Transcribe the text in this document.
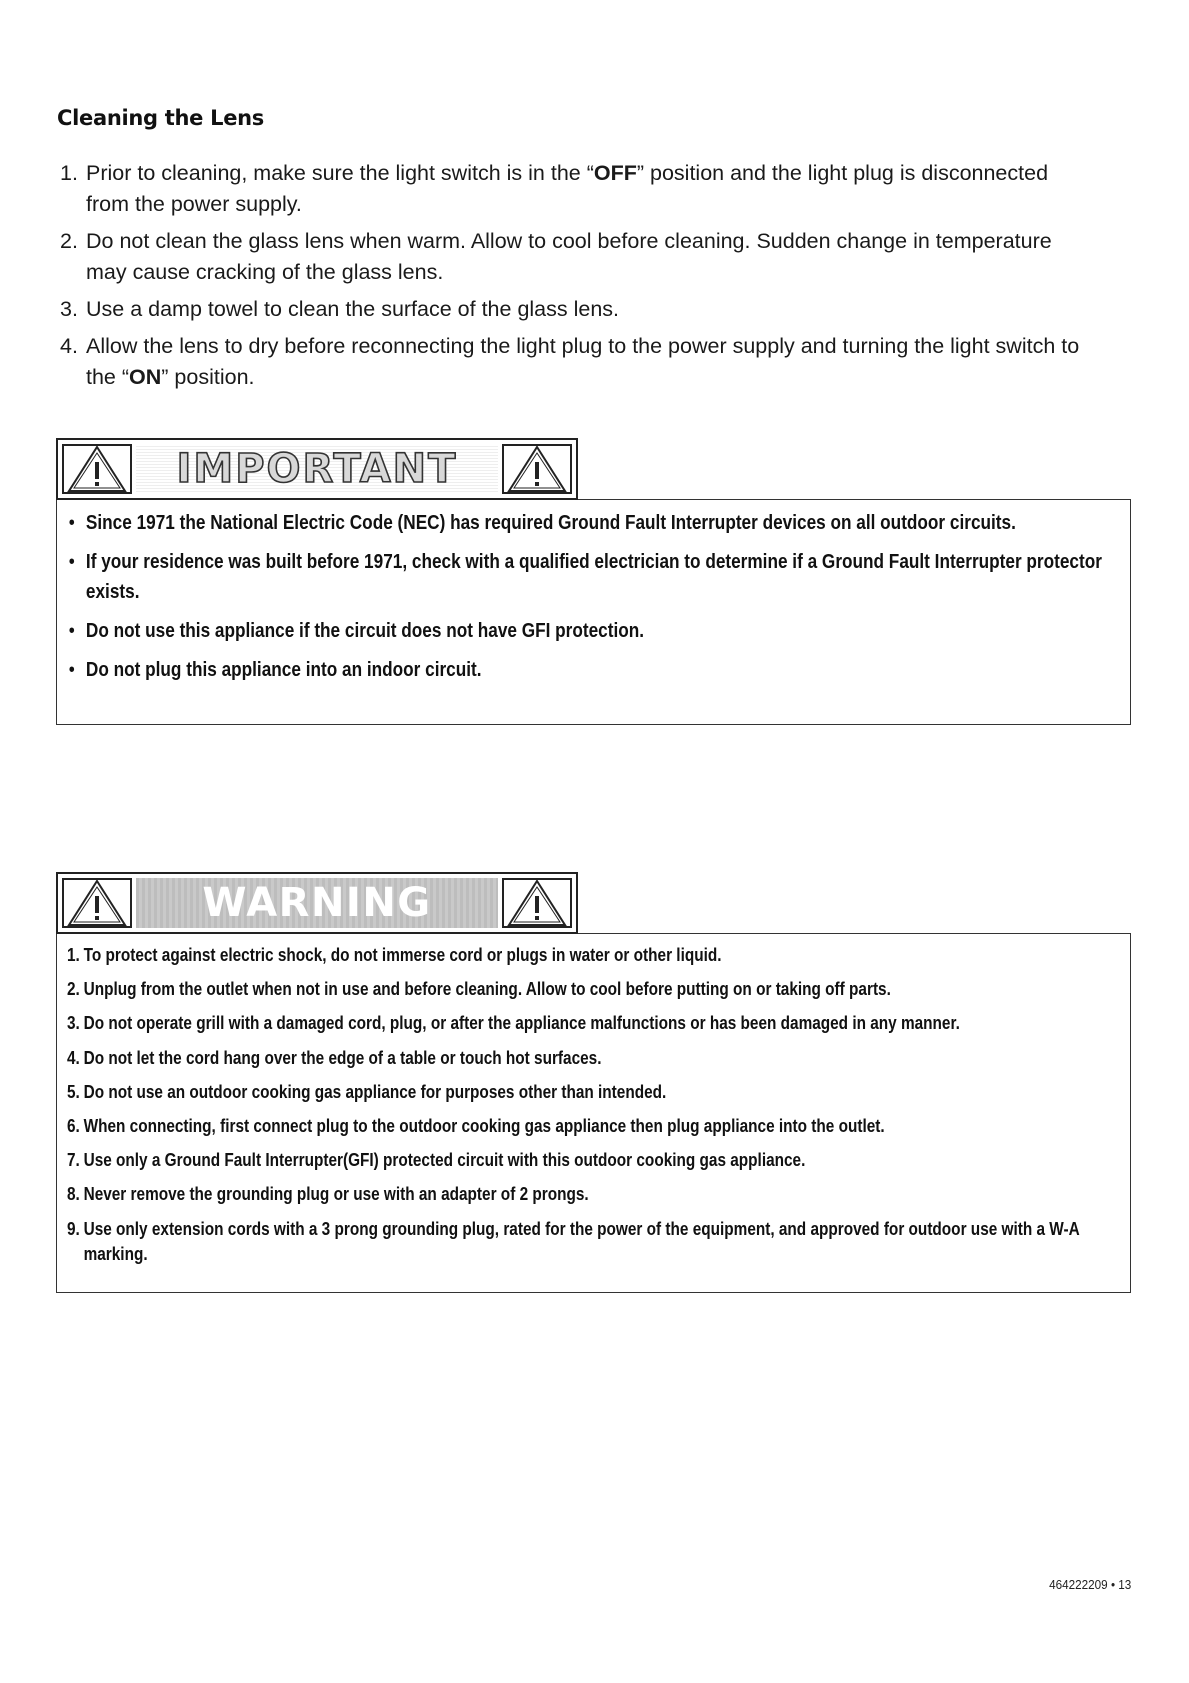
Cleaning the Lens
1. Prior to cleaning, make sure the light switch is in the “OFF” position and the light plug is disconnected from the power supply.
2. Do not clean the glass lens when warm. Allow to cool before cleaning. Sudden change in temperature may cause cracking of the glass lens.
3. Use a damp towel to clean the surface of the glass lens.
4. Allow the lens to dry before reconnecting the light plug to the power supply and turning the light switch to the “ON” position.
IMPORTANT
• Since 1971 the National Electric Code (NEC) has required Ground Fault Interrupter devices on all outdoor circuits.
• If your residence was built before 1971, check with a qualified electrician to determine if a Ground Fault Interrupter protector exists.
• Do not use this appliance if the circuit does not have GFI protection.
• Do not plug this appliance into an indoor circuit.
WARNING
1. To protect against electric shock, do not immerse cord or plugs in water or other liquid.
2. Unplug from the outlet when not in use and before cleaning. Allow to cool before putting on or taking off parts.
3. Do not operate grill with a damaged cord, plug, or after the appliance malfunctions or has been damaged in any manner.
4. Do not let the cord hang over the edge of a table or touch hot surfaces.
5. Do not use an outdoor cooking gas appliance for purposes other than intended.
6. When connecting, first connect plug to the outdoor cooking gas appliance then plug appliance into the outlet.
7. Use only a Ground Fault Interrupter(GFI) protected circuit with this outdoor cooking gas appliance.
8. Never remove the grounding plug or use with an adapter of 2 prongs.
9. Use only extension cords with a 3 prong grounding plug, rated for the power of the equipment, and approved for outdoor use with a W-A marking.
464222209 • 13
